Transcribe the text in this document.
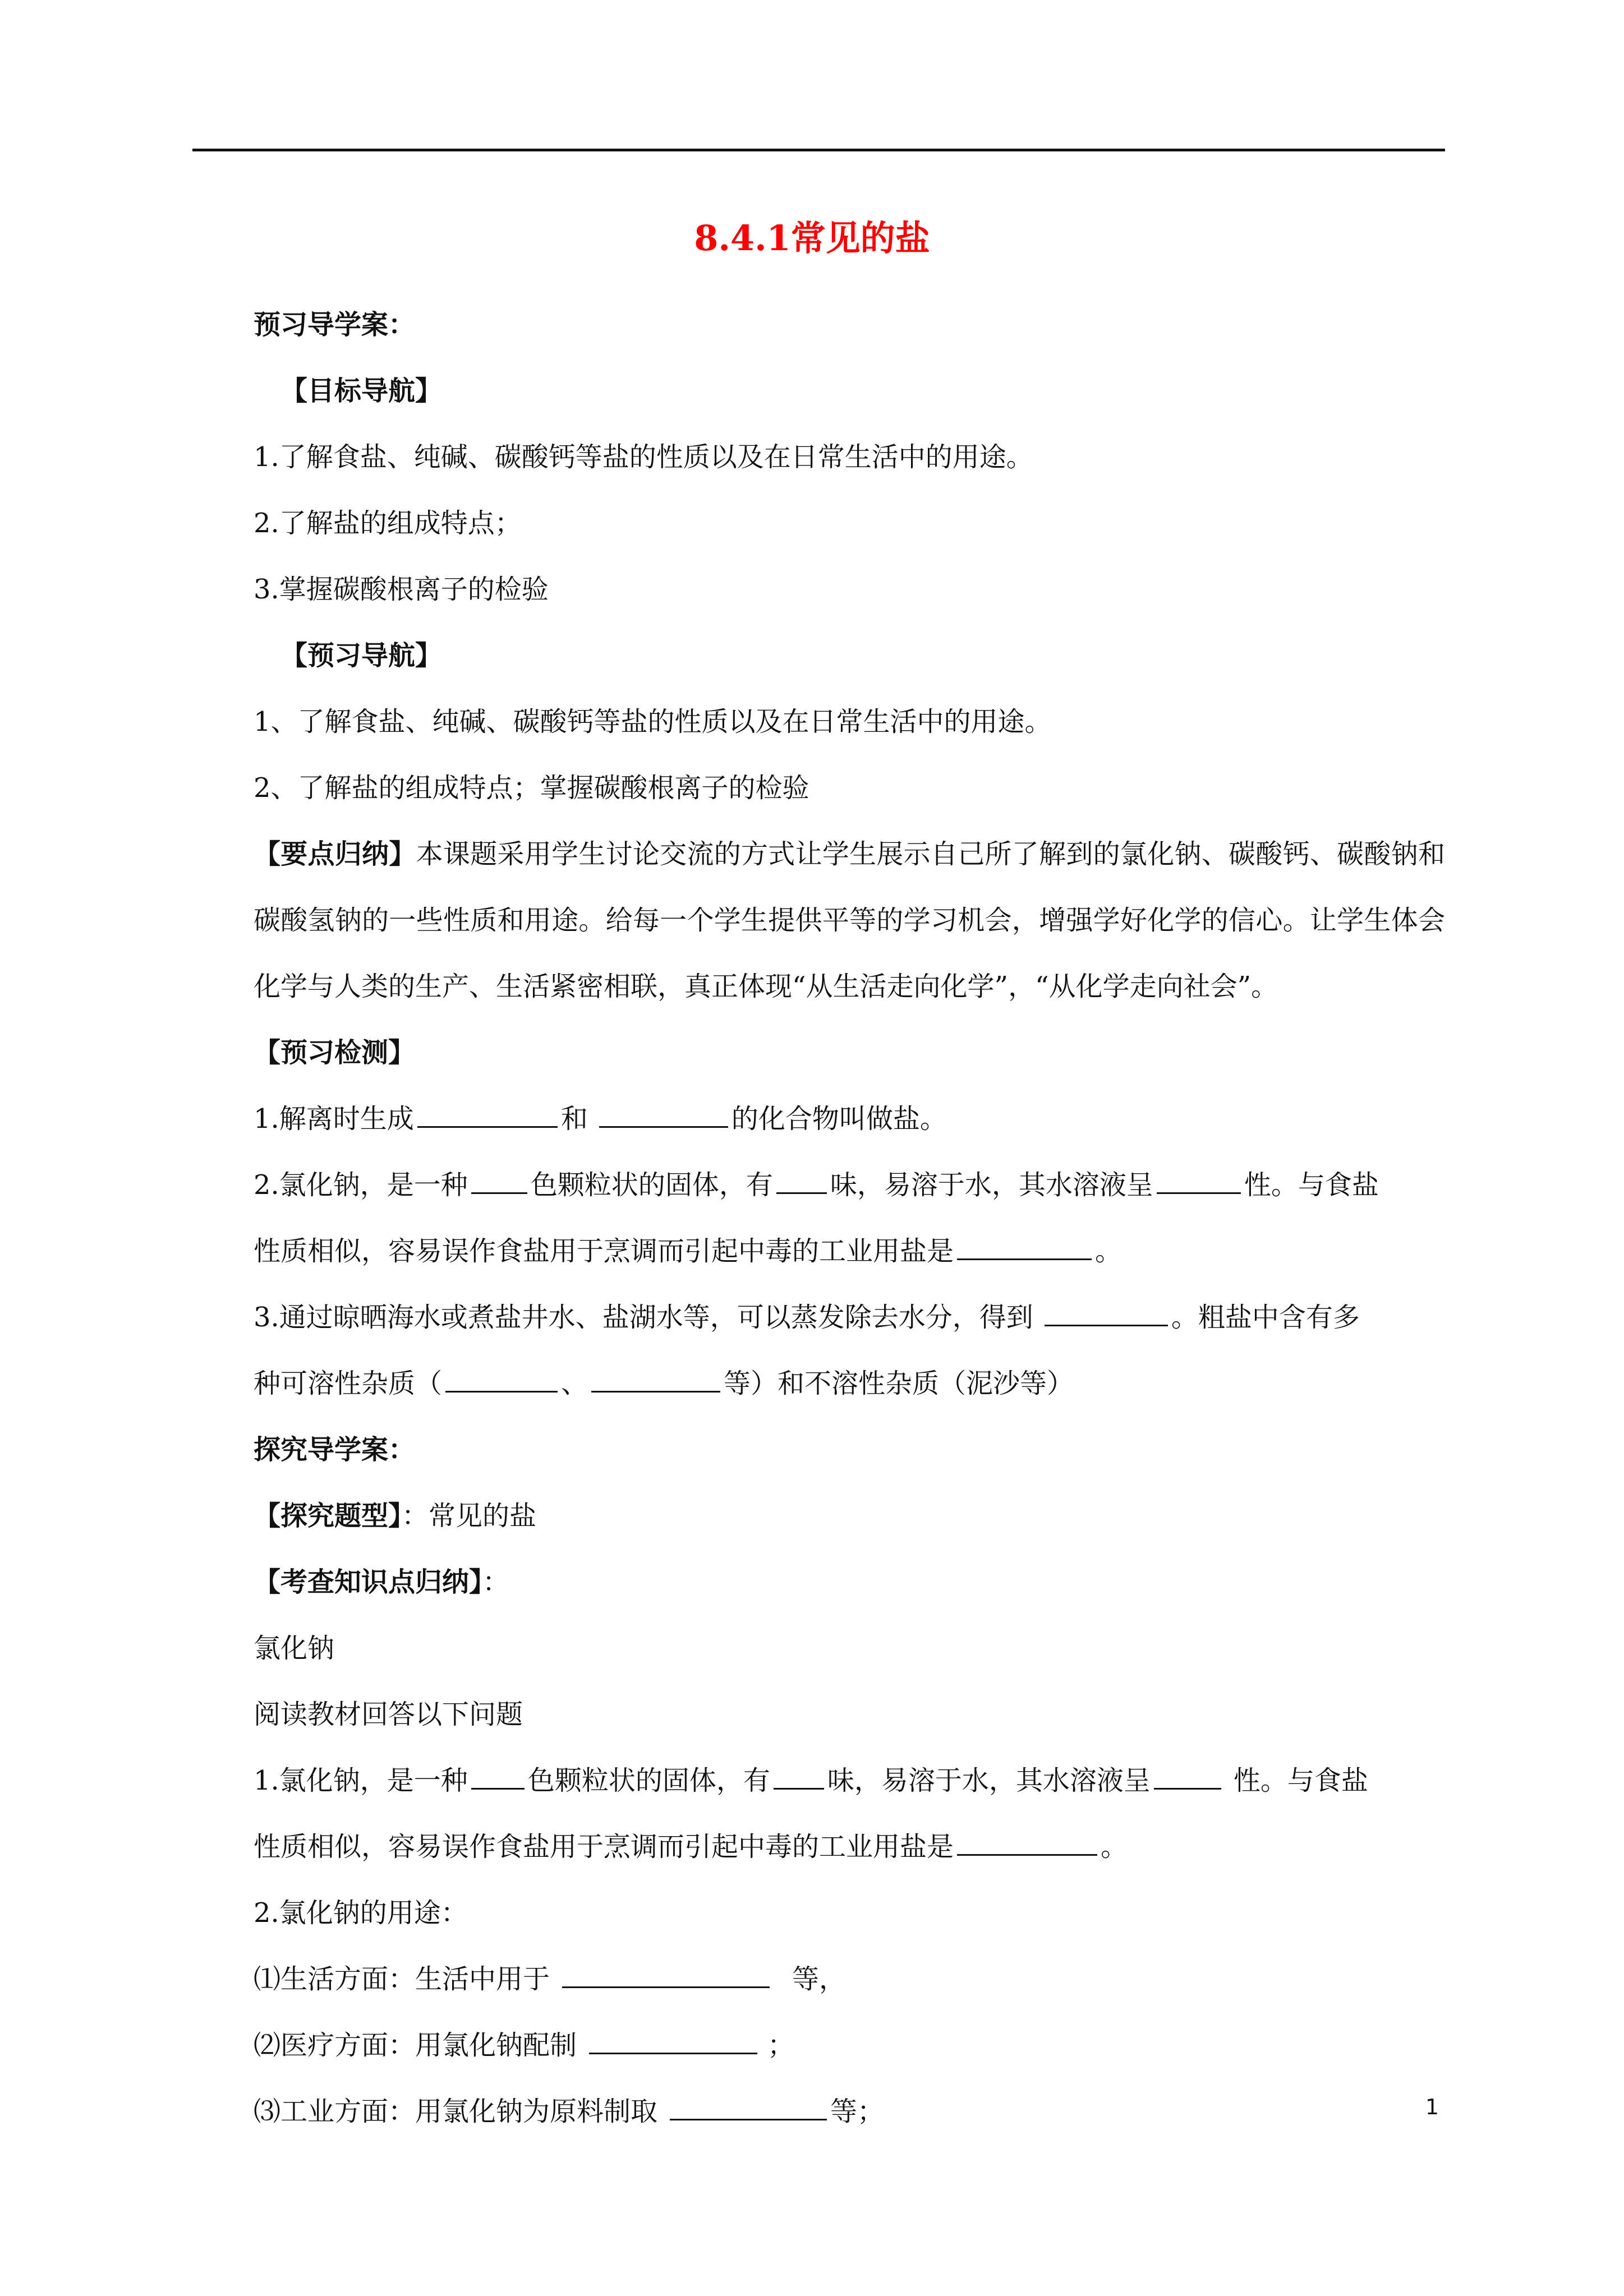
8.4.1常见的盐
预习导学案：
【目标导航】
1.了解食盐、纯碱、碳酸钙等盐的性质以及在日常生活中的用途。
2.了解盐的组成特点；
3.掌握碳酸根离子的检验
【预习导航】
1、了解食盐、纯碱、碳酸钙等盐的性质以及在日常生活中的用途。
2、了解盐的组成特点；掌握碳酸根离子的检验
【要点归纳】本课题采用学生讨论交流的方式让学生展示自己所了解到的氯化钠、碳酸钙、碳酸钠和碳酸氢钠的一些性质和用途。给每一个学生提供平等的学习机会，增强学好化学的信心。让学生体会化学与人类的生产、生活紧密相联，真正体现“从生活走向化学”，“从化学走向社会”。
【预习检测】
1.解离时生成	和	的化合物叫做盐。
2.氯化钠，是一种 色颗粒状的固体，有 味，易溶于水，其水溶液呈	性。与食盐
性质相似，容易误作食盐用于烹调而引起中毒的工业用盐是	。
3.通过晾晒海水或煮盐井水、盐湖水等，可以蒸发除去水分，得到	。粗盐中含有多
种可溶性杂质（	、	等）和不溶性杂质（泥沙等）
探究导学案：
【探究题型】：常见的盐
【考查知识点归纳】：
氯化钠
阅读教材回答以下问题
1.氯化钠，是一种 色颗粒状的固体，有 味，易溶于水，其水溶液呈	性。与食盐
性质相似，容易误作食盐用于烹调而引起中毒的工业用盐是	。
2.氯化钠的用途：
⑴生活方面：生活中用于	等，
⑵医疗方面：用氯化钠配制	；
⑶工业方面：用氯化钠为原料制取	等；	1
